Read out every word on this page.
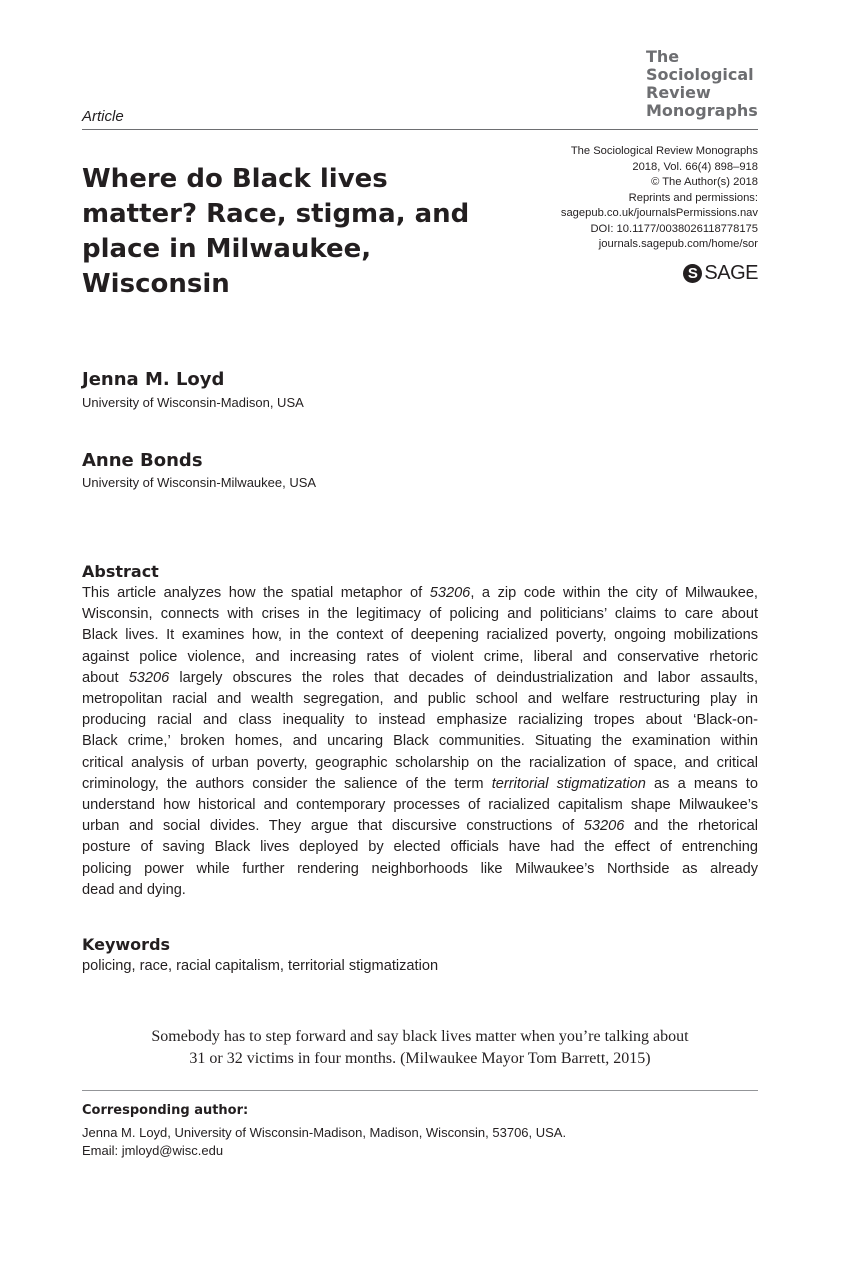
The
Sociological
Review
Monographs
Article
Where do Black lives matter? Race, stigma, and place in Milwaukee, Wisconsin
The Sociological Review Monographs
2018, Vol. 66(4) 898–918
© The Author(s) 2018
Reprints and permissions:
sagepub.co.uk/journalsPermissions.nav
DOI: 10.1177/0038026118778175
journals.sagepub.com/home/sor
S SAGE
Jenna M. Loyd
University of Wisconsin-Madison, USA
Anne Bonds
University of Wisconsin-Milwaukee, USA
Abstract
This article analyzes how the spatial metaphor of 53206, a zip code within the city of Milwaukee,
Wisconsin, connects with crises in the legitimacy of policing and politicians’ claims to care about
Black lives. It examines how, in the context of deepening racialized poverty, ongoing mobilizations
against police violence, and increasing rates of violent crime, liberal and conservative rhetoric
about 53206 largely obscures the roles that decades of deindustrialization and labor assaults,
metropolitan racial and wealth segregation, and public school and welfare restructuring play in
producing racial and class inequality to instead emphasize racializing tropes about ‘Black-on-
Black crime,’ broken homes, and uncaring Black communities. Situating the examination within
critical analysis of urban poverty, geographic scholarship on the racialization of space, and critical
criminology, the authors consider the salience of the term territorial stigmatization as a means to
understand how historical and contemporary processes of racialized capitalism shape Milwaukee’s
urban and social divides. They argue that discursive constructions of 53206 and the rhetorical
posture of saving Black lives deployed by elected officials have had the effect of entrenching
policing power while further rendering neighborhoods like Milwaukee’s Northside as already
dead and dying.
Keywords
policing, race, racial capitalism, territorial stigmatization
Somebody has to step forward and say black lives matter when you’re talking about
31 or 32 victims in four months. (Milwaukee Mayor Tom Barrett, 2015)
Corresponding author:
Jenna M. Loyd, University of Wisconsin-Madison, Madison, Wisconsin, 53706, USA.
Email: jmloyd@wisc.edu
